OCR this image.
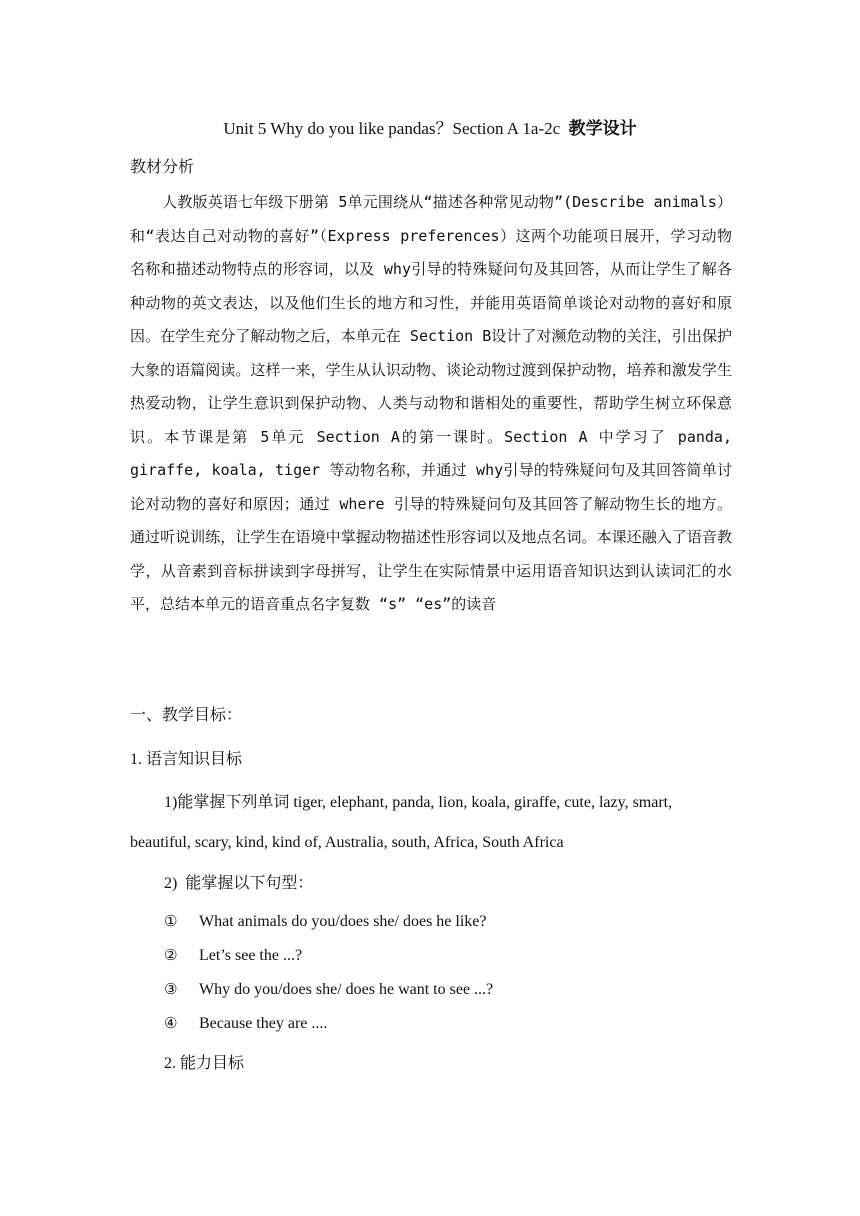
Unit 5 Why do you like pandas？Section A 1a-2c 教学设计
教材分析

人教版英语七年级下册第 5单元围绕从“描述各种常见动物”(Describe animals）和“表达自己对动物的喜好”（Express preferences）这两个功能项日展开，学习动物名称和描述动物特点的形容词，以及 why引导的特殊疑问句及其回答，从而让学生了解各种动物的英文表达，以及他们生长的地方和习性，并能用英语简单谈论对动物的喜好和原因。在学生充分了解动物之后，本单元在 Section B设计了对濒危动物的关注，引出保护大象的语篇阅读。这样一来，学生从认识动物、谈论动物过渡到保护动物，培养和激发学生热爱动物，让学生意识到保护动物、人类与动物和谐相处的重要性，帮助学生树立环保意识。本节课是第 5单元 Section A的第一课时。Section A 中学习了 panda, giraffe, koala, tiger 等动物名称，并通过 why引导的特殊疑问句及其回答简单讨论对动物的喜好和原因；通过 where 引导的特殊疑问句及其回答了解动物生长的地方。通过听说训练，让学生在语境中掌握动物描述性形容词以及地点名词。本课还融入了语音教学，从音素到音标拼读到字母拼写，让学生在实际情景中运用语音知识达到认读词汇的水平，总结本单元的语音重点名字复数 “s” “es”的读音

一、教学目标：
1. 语言知识目标

1)能掌握下列单词 tiger, elephant, panda, lion, koala, giraffe, cute, lazy, smart, beautiful, scary, kind, kind of, Australia, south, Africa, South Africa

2) 能掌握以下句型：
① What animals do you/does she/ does he like?
② Let’s see the ...?
③ Why do you/does she/ does he want to see ...?
④ Because they are ....
2. 能力目标
